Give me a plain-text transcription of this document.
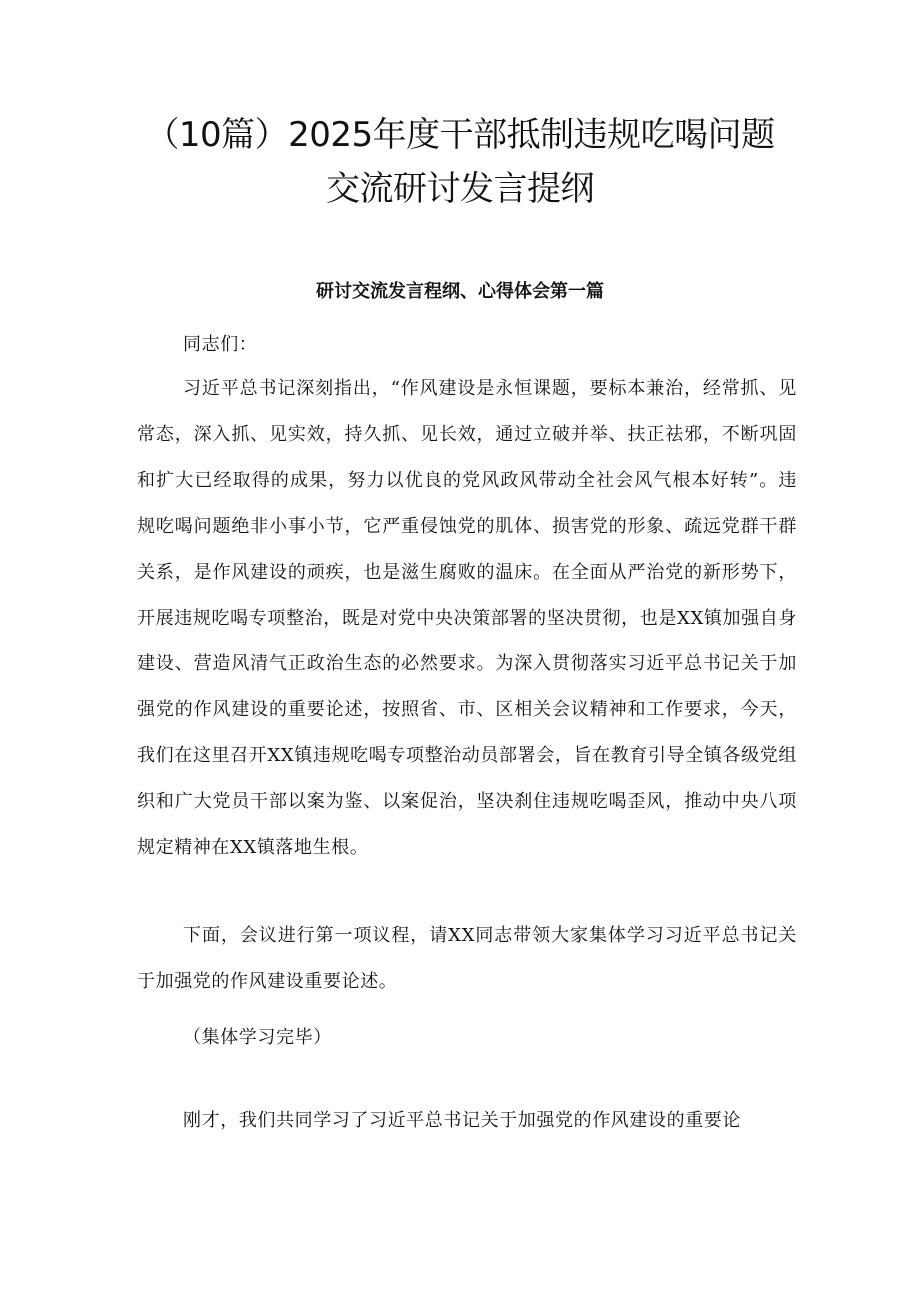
（10篇）2025年度干部抵制违规吃喝问题
交流研讨发言提纲
研讨交流发言程纲、心得体会第一篇

同志们：

习近平总书记深刻指出，“作风建设是永恒课题，要标本兼治，经常抓、见常态，深入抓、见实效，持久抓、见长效，通过立破并举、扶正祛邪，不断巩固和扩大已经取得的成果，努力以优良的党风政风带动全社会风气根本好转”。违规吃喝问题绝非小事小节，它严重侵蚀党的肌体、损害党的形象、疏远党群干群关系，是作风建设的顽疾，也是滋生腐败的温床。在全面从严治党的新形势下，开展违规吃喝专项整治，既是对党中央决策部署的坚决贯彻，也是XX镇加强自身建设、营造风清气正政治生态的必然要求。为深入贯彻落实习近平总书记关于加强党的作风建设的重要论述，按照省、市、区相关会议精神和工作要求，今天，我们在这里召开XX镇违规吃喝专项整治动员部署会，旨在教育引导全镇各级党组织和广大党员干部以案为鉴、以案促治，坚决刹住违规吃喝歪风，推动中央八项规定精神在XX镇落地生根。

下面，会议进行第一项议程，请XX同志带领大家集体学习习近平总书记关于加强党的作风建设重要论述。

（集体学习完毕）

刚才，我们共同学习了习近平总书记关于加强党的作风建设的重要论
